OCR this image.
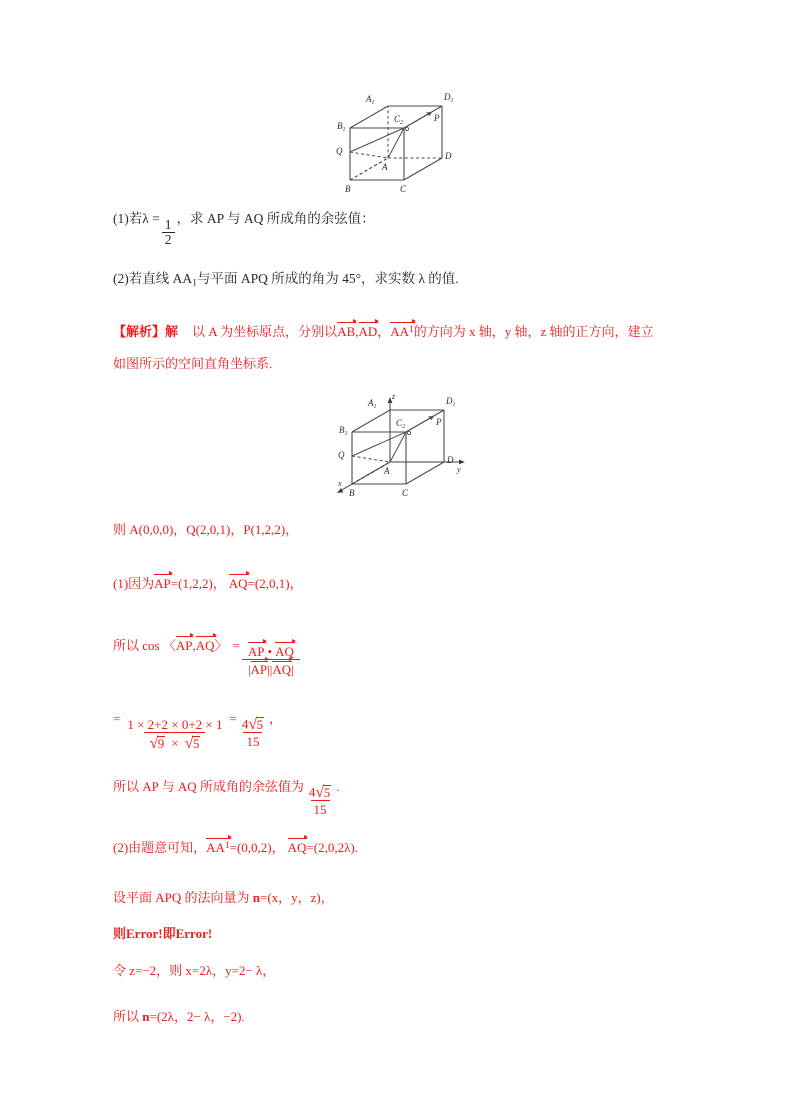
$A_1$
$D_1$
$B_1$
$C_2$	P
Q	D
A
B	C
(1)若$\lambda = \frac{1}{2}$ ，求 AP 与 AQ 所成角的余弦值：
(2)若直线 $AA_1$与平面 APQ 所成的角为 45°，求实数 λ 的值.
【解析】解 以 A 为坐标原点，分别以AB,AD，$AA^1$的方向为 x 轴，y 轴，z 轴的正方向，建立
如图所示的空间直角坐标系.
$A_1$
$D_1$
$B_1$
$C_2$	P
Q	D
A
B	C
z
y
x
则 A(0,0,0)，Q(2,0,1)，P(1,2,2)，
(1)因为AP=(1,2,2)， AQ=(2,0,1)，
所以 cos 〈AP,AQ〉 = $\frac{AP • AQ}{|AP||AQ|}$
= $\frac{1 \times 2+2 \times 0+2 \times 1}{√ 9 \times √ 5} = \frac{4 √ 5}{15}$ ，
所以 AP 与 AQ 所成角的余弦值为 $\frac{4 √ 5}{15}$ .
(2)由题意可知，$AA^1=(0,0,2)$， AQ=(2,0,2λ).
设平面 APQ 的法向量为 n=(x，y，z)，
则Error!即Error!
令 z=−2，则 x=2λ，y=2− λ，
所以 n=(2λ，2− λ，−2).
